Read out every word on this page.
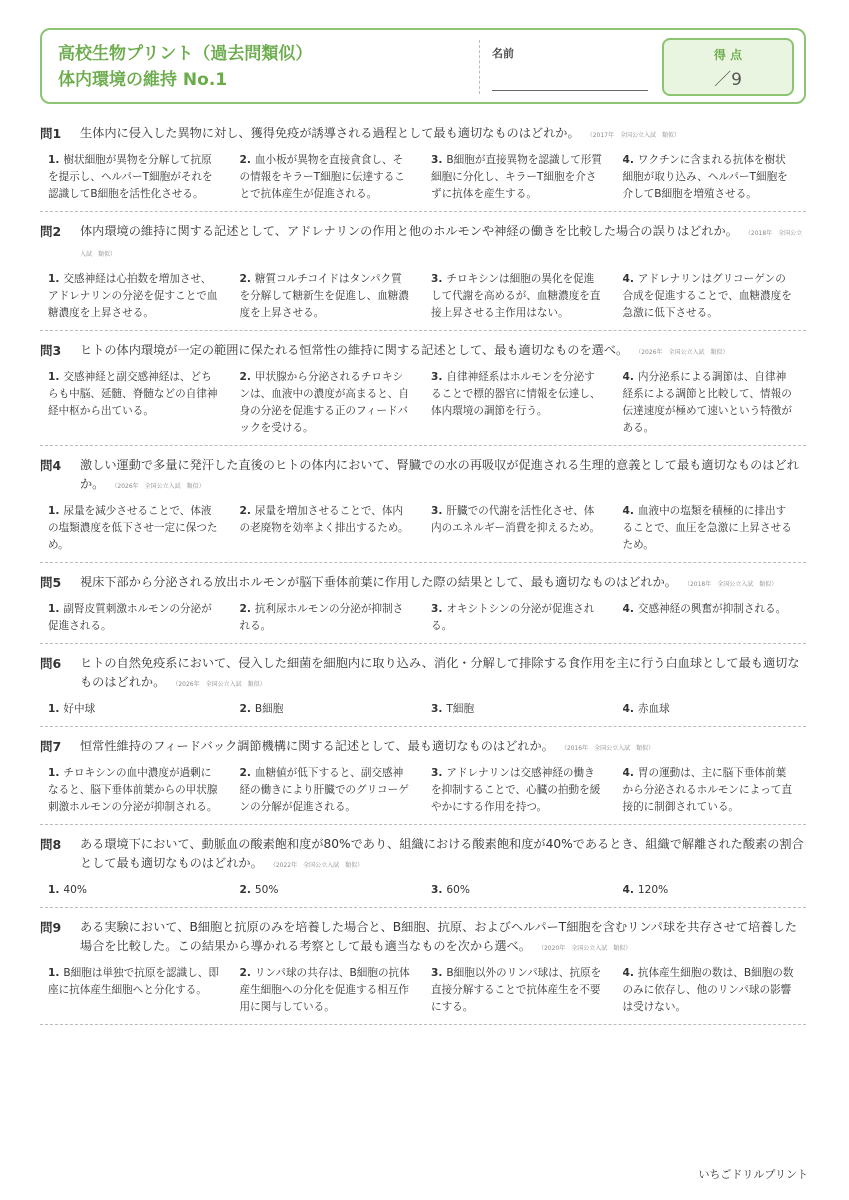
高校生物プリント（過去問類似）
体内環境の維持 No.1
名前	得 点
／9
問1 生体内に侵入した異物に対し、獲得免疫が誘導される過程として最も適切なものはどれか。 （2017年　全国公立入試　類似）
1. 樹状細胞が異物を分解して抗原を提示し、ヘルパーT細胞がそれを認識してB細胞を活性化させる。
2. 血小板が異物を直接貪食し、その情報をキラーT細胞に伝達することで抗体産生が促進される。
3. B細胞が直接異物を認識して形質細胞に分化し、キラーT細胞を介さずに抗体を産生する。
4. ワクチンに含まれる抗体を樹状細胞が取り込み、ヘルパーT細胞を介してB細胞を増殖させる。
問2 体内環境の維持に関する記述として、アドレナリンの作用と他のホルモンや神経の働きを比較した場合の誤りはどれか。 （2018年　全国公立入試　類似）
1. 交感神経は心拍数を増加させ、アドレナリンの分泌を促すことで血糖濃度を上昇させる。
2. 糖質コルチコイドはタンパク質を分解して糖新生を促進し、血糖濃度を上昇させる。
3. チロキシンは細胞の異化を促進して代謝を高めるが、血糖濃度を直接上昇させる主作用はない。
4. アドレナリンはグリコーゲンの合成を促進することで、血糖濃度を急激に低下させる。
問3 ヒトの体内環境が一定の範囲に保たれる恒常性の維持に関する記述として、最も適切なものを選べ。 （2026年　全国公立入試　類似）
1. 交感神経と副交感神経は、どちらも中脳、延髄、脊髄などの自律神経中枢から出ている。
2. 甲状腺から分泌されるチロキシンは、血液中の濃度が高まると、自身の分泌を促進する正のフィードバックを受ける。
3. 自律神経系はホルモンを分泌することで標的器官に情報を伝達し、体内環境の調節を行う。
4. 内分泌系による調節は、自律神経系による調節と比較して、情報の伝達速度が極めて速いという特徴がある。
問4 激しい運動で多量に発汗した直後のヒトの体内において、腎臓での水の再吸収が促進される生理的意義として最も適切なものはどれか。 （2026年　全国公立入試　類似）
1. 尿量を減少させることで、体液の塩類濃度を低下させ一定に保つため。
2. 尿量を増加させることで、体内の老廃物を効率よく排出するため。
3. 肝臓での代謝を活性化させ、体内のエネルギー消費を抑えるため。
4. 血液中の塩類を積極的に排出することで、血圧を急激に上昇させるため。
問5 視床下部から分泌される放出ホルモンが脳下垂体前葉に作用した際の結果として、最も適切なものはどれか。 （2018年　全国公立入試　類似）
1. 副腎皮質刺激ホルモンの分泌が促進される。
2. 抗利尿ホルモンの分泌が抑制される。
3. オキシトシンの分泌が促進される。
4. 交感神経の興奮が抑制される。
問6 ヒトの自然免疫系において、侵入した細菌を細胞内に取り込み、消化・分解して排除する食作用を主に行う白血球として最も適切なものはどれか。 （2026年　全国公立入試　類似）
1. 好中球	2. B細胞	3. T細胞	4. 赤血球
問7 恒常性維持のフィードバック調節機構に関する記述として、最も適切なものはどれか。 （2016年　全国公立入試　類似）
1. チロキシンの血中濃度が過剰になると、脳下垂体前葉からの甲状腺刺激ホルモンの分泌が抑制される。
2. 血糖値が低下すると、副交感神経の働きにより肝臓でのグリコーゲンの分解が促進される。
3. アドレナリンは交感神経の働きを抑制することで、心臓の拍動を緩やかにする作用を持つ。
4. 胃の運動は、主に脳下垂体前葉から分泌されるホルモンによって直接的に制御されている。
問8 ある環境下において、動脈血の酸素飽和度が80%であり、組織における酸素飽和度が40%であるとき、組織で解離された酸素の割合として最も適切なものはどれか。 （2022年　全国公立入試　類似）
1. 40%	2. 50%	3. 60%	4. 120%
問9 ある実験において、B細胞と抗原のみを培養した場合と、B細胞、抗原、およびヘルパーT細胞を含むリンパ球を共存させて培養した場合を比較した。この結果から導かれる考察として最も適当なものを次から選べ。 （2020年　全国公立入試　類似）
1. B細胞は単独で抗原を認識し、即座に抗体産生細胞へと分化する。
2. リンパ球の共存は、B細胞の抗体産生細胞への分化を促進する相互作用に関与している。
3. B細胞以外のリンパ球は、抗原を直接分解することで抗体産生を不要にする。
4. 抗体産生細胞の数は、B細胞の数のみに依存し、他のリンパ球の影響は受けない。
いちごドリルプリント
